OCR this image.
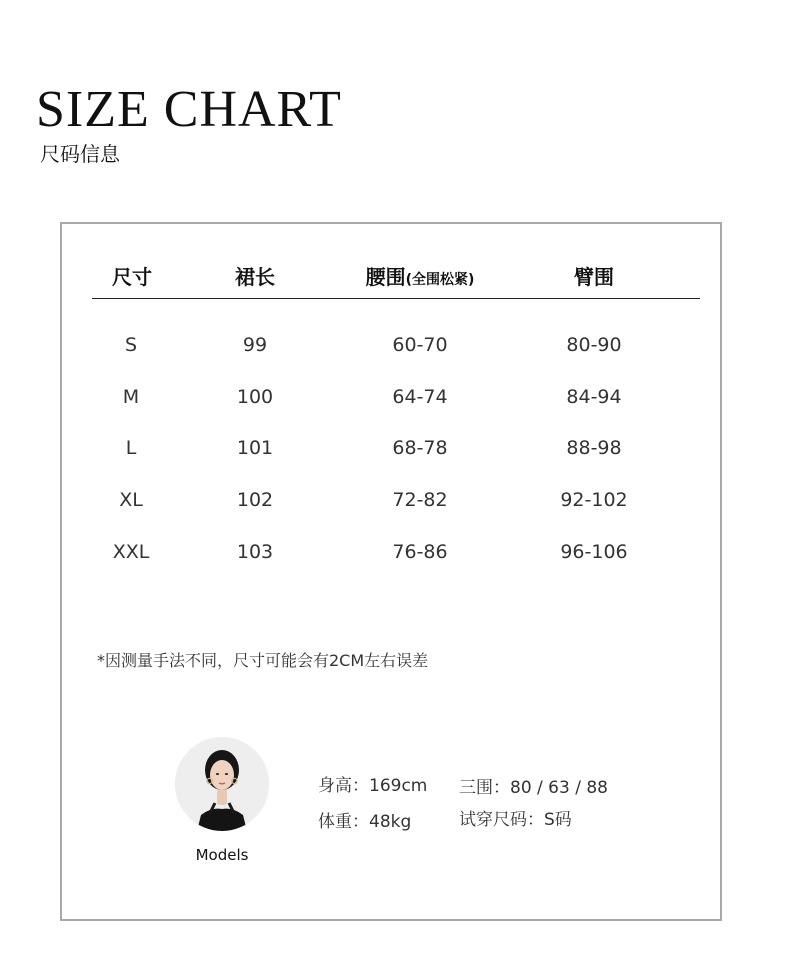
SIZE CHART
尺码信息
尺寸	裙长	腰围(全围松紧)	臂围
S	99	60-70	80-90
M	100	64-74	84-94
L	101	68-78	88-98
XL	102	72-82	92-102
XXL	103	76-86	96-106
*因测量手法不同，尺寸可能会有2CM左右误差
Models
身高：169cm
体重：48kg
三围：80 / 63 / 88
试穿尺码：S码
